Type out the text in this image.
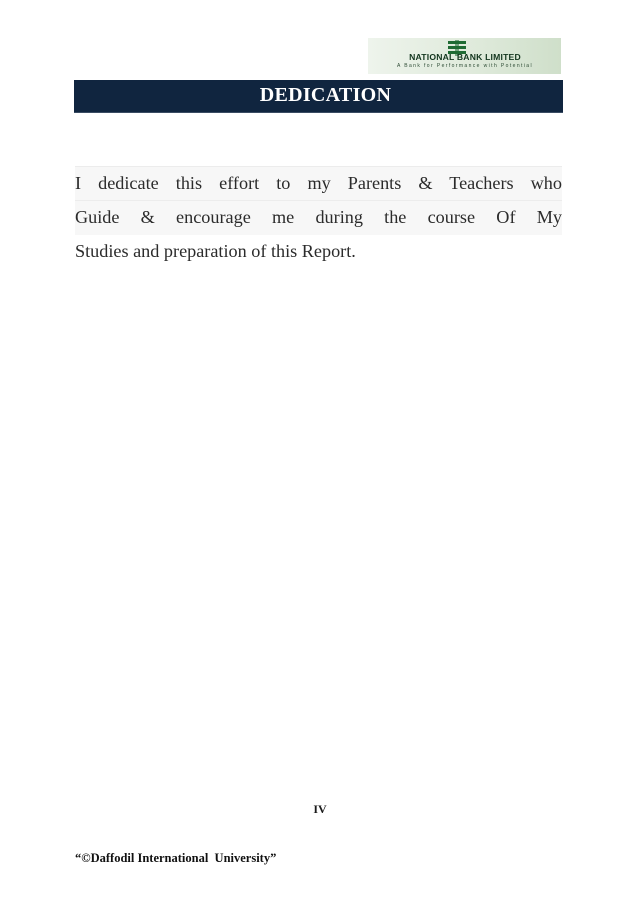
NATIONAL BANK LIMITED
A Bank for Performance with Potential
DEDICATION
I dedicate this effort to my Parents & Teachers who
Guide & encourage me during the course Of My
Studies and preparation of this Report.
IV
“©Daffodil International  University”
